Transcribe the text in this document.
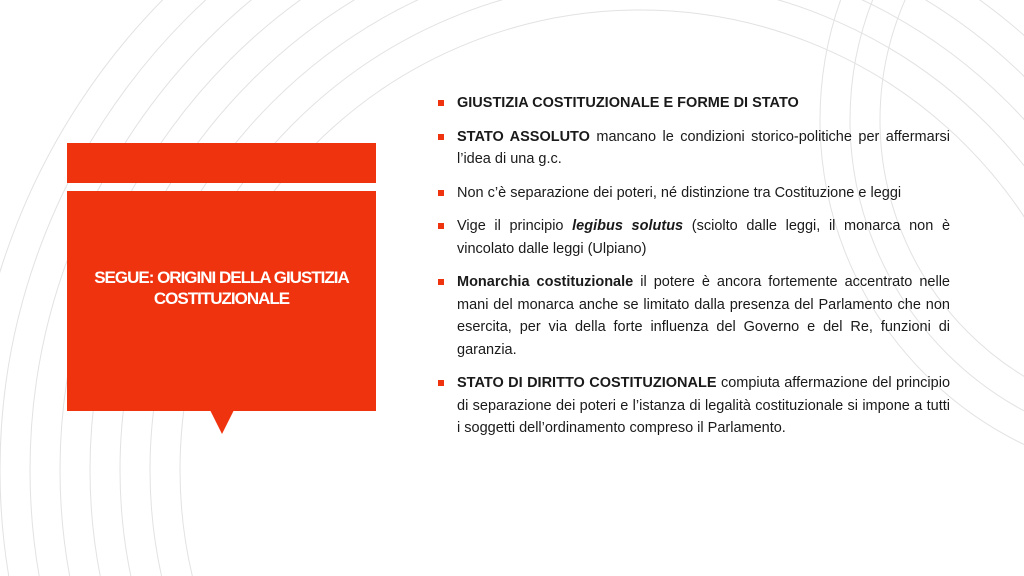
SEGUE: ORIGINI DELLA GIUSTIZIA COSTITUZIONALE
GIUSTIZIA COSTITUZIONALE E FORME DI STATO
STATO ASSOLUTO mancano le condizioni storico-politiche per affermarsi l’idea di una g.c.
Non c’è separazione dei poteri, né distinzione tra Costituzione e leggi
Vige il principio legibus solutus (sciolto dalle leggi, il monarca non è vincolato dalle leggi (Ulpiano)
Monarchia costituzionale il potere è ancora fortemente accentrato nelle mani del monarca anche se limitato dalla presenza del Parlamento che non esercita, per via della forte influenza del Governo e del Re, funzioni di garanzia.
STATO DI DIRITTO COSTITUZIONALE compiuta affermazione del principio di separazione dei poteri e l’istanza di legalità costituzionale si impone a tutti i soggetti dell’ordinamento compreso il Parlamento.
